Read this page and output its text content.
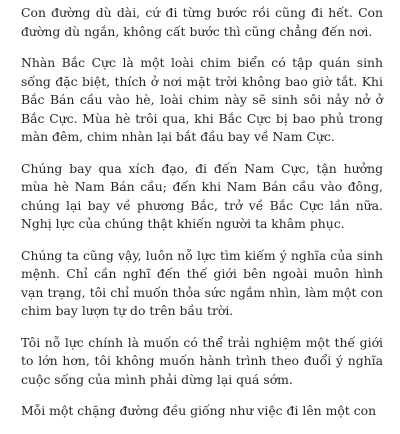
Con đường dù dài, cứ đi từng bước rồi cũng đi hết. Con đường dù ngắn, không cất bước thì cũng chẳng đến nơi.

Nhàn Bắc Cực là một loài chim biển có tập quán sinh sống đặc biệt, thích ở nơi mặt trời không bao giờ tắt. Khi Bắc Bán cầu vào hè, loài chim này sẽ sinh sôi nảy nở ở Bắc Cực. Mùa hè trôi qua, khi Bắc Cực bị bao phủ trong màn đêm, chim nhàn lại bắt đầu bay về Nam Cực.

Chúng bay qua xích đạo, đi đến Nam Cực, tận hưởng mùa hè Nam Bán cầu; đến khi Nam Bán cầu vào đông, chúng lại bay về phương Bắc, trở về Bắc Cực lần nữa. Nghị lực của chúng thật khiến người ta khâm phục.

Chúng ta cũng vậy, luôn nỗ lực tìm kiếm ý nghĩa của sinh mệnh. Chỉ cần nghĩ đến thế giới bên ngoài muôn hình vạn trạng, tôi chỉ muốn thỏa sức ngắm nhìn, làm một con chim bay lượn tự do trên bầu trời.

Tôi nỗ lực chính là muốn có thể trải nghiệm một thế giới to lớn hơn, tôi không muốn hành trình theo đuổi ý nghĩa cuộc sống của mình phải dừng lại quá sớm.

Mỗi một chặng đường đều giống như việc đi lên một con
